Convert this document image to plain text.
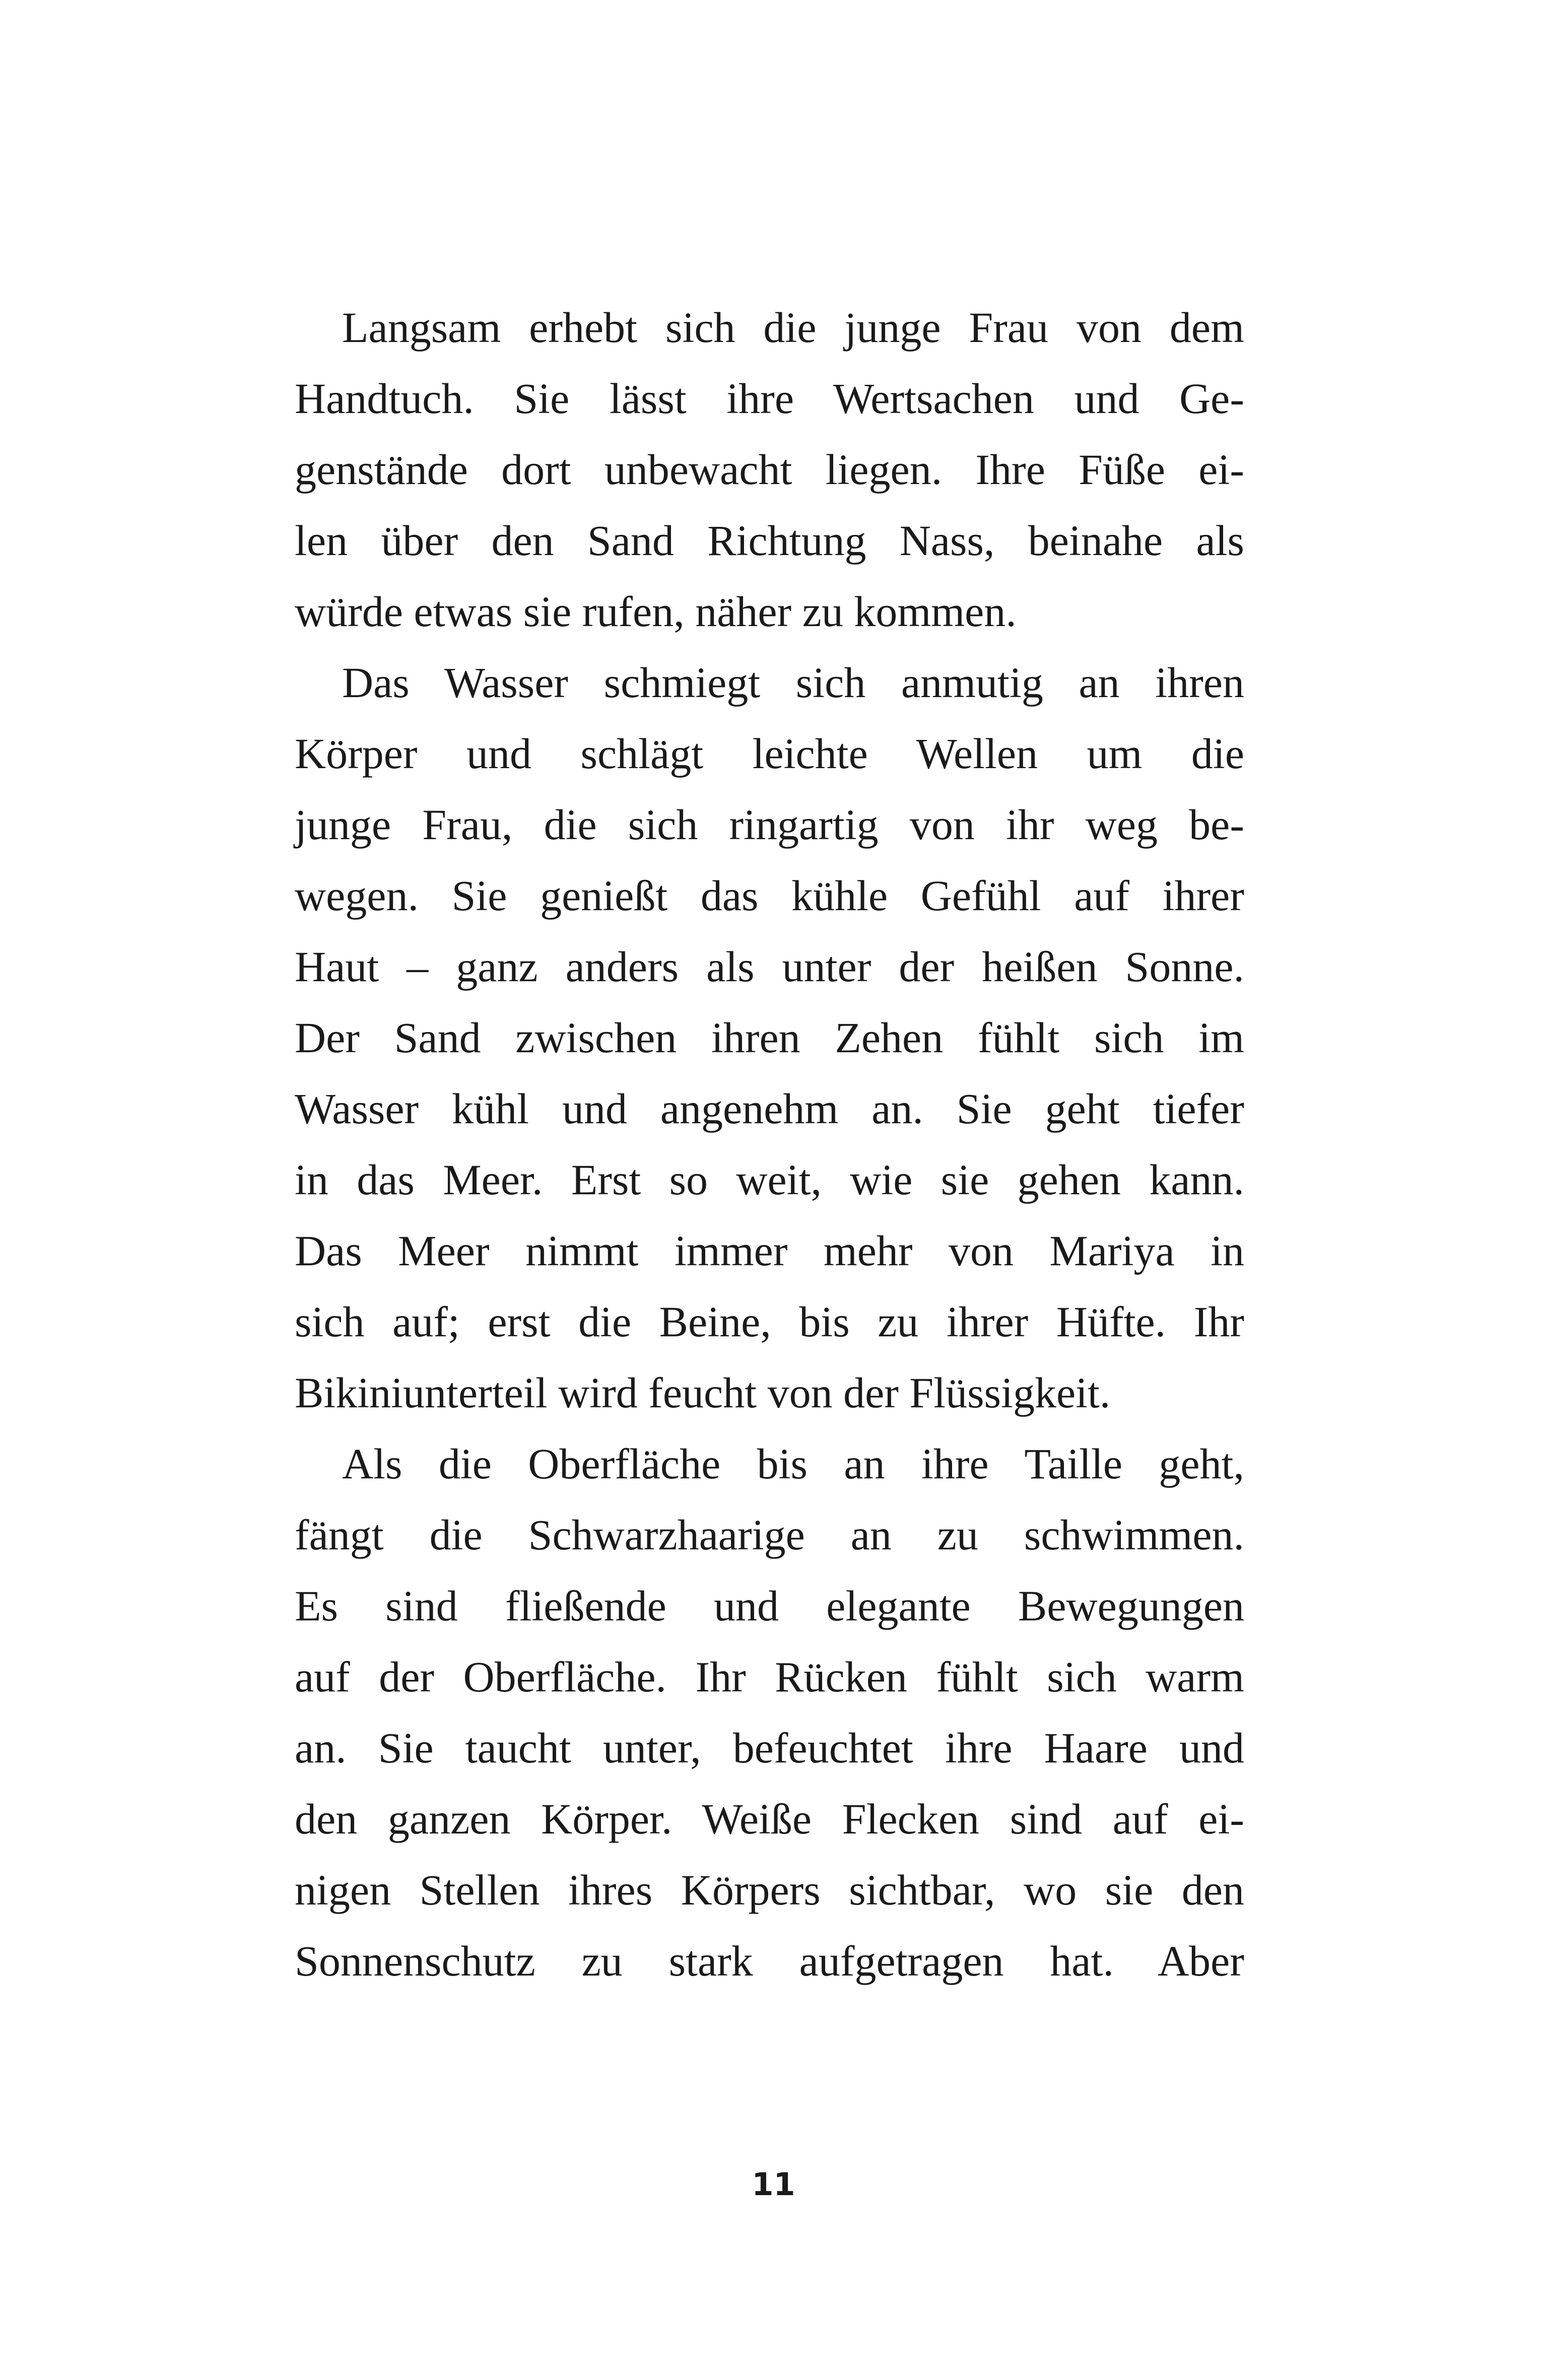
Langsam erhebt sich die junge Frau von dem
Handtuch. Sie lässt ihre Wertsachen und Ge-
genstände dort unbewacht liegen. Ihre Füße ei-
len über den Sand Richtung Nass, beinahe als
würde etwas sie rufen, näher zu kommen.
Das Wasser schmiegt sich anmutig an ihren
Körper und schlägt leichte Wellen um die
junge Frau, die sich ringartig von ihr weg be-
wegen. Sie genießt das kühle Gefühl auf ihrer
Haut – ganz anders als unter der heißen Sonne.
Der Sand zwischen ihren Zehen fühlt sich im
Wasser kühl und angenehm an. Sie geht tiefer
in das Meer. Erst so weit, wie sie gehen kann.
Das Meer nimmt immer mehr von Mariya in
sich auf; erst die Beine, bis zu ihrer Hüfte. Ihr
Bikiniunterteil wird feucht von der Flüssigkeit.
Als die Oberfläche bis an ihre Taille geht,
fängt die Schwarzhaarige an zu schwimmen.
Es sind fließende und elegante Bewegungen
auf der Oberfläche. Ihr Rücken fühlt sich warm
an. Sie taucht unter, befeuchtet ihre Haare und
den ganzen Körper. Weiße Flecken sind auf ei-
nigen Stellen ihres Körpers sichtbar, wo sie den
Sonnenschutz zu stark aufgetragen hat. Aber
11
